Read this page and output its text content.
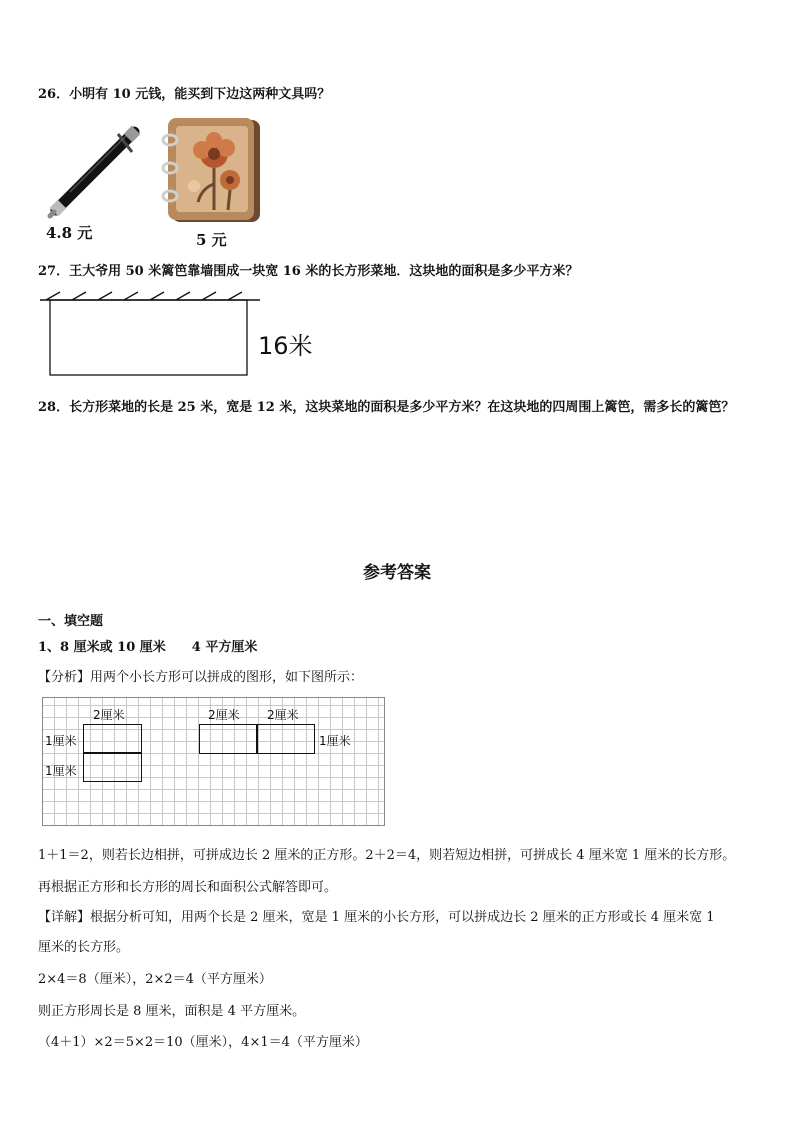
26．小明有 10 元钱，能买到下边这两种文具吗？
4.8 元	5 元
27．王大爷用 50 米篱笆靠墙围成一块宽 16 米的长方形菜地．这块地的面积是多少平方米？
16米
28．长方形菜地的长是 25 米，宽是 12 米，这块菜地的面积是多少平方米？在这块地的四周围上篱笆，需多长的篱笆？
参考答案
一、填空题
1、8 厘米或 10 厘米　　4 平方厘米
【分析】用两个小长方形可以拼成的图形，如下图所示：
2厘米
1厘米
1厘米
2厘米 2厘米
1厘米
1＋1＝2，则若长边相拼，可拼成边长 2 厘米的正方形。2＋2＝4，则若短边相拼，可拼成长 4 厘米宽 1 厘米的长方形。
再根据正方形和长方形的周长和面积公式解答即可。
【详解】根据分析可知，用两个长是 2 厘米，宽是 1 厘米的小长方形，可以拼成边长 2 厘米的正方形或长 4 厘米宽 1
厘米的长方形。
2×4＝8（厘米），2×2＝4（平方厘米）
则正方形周长是 8 厘米，面积是 4 平方厘米。
（4＋1）×2＝5×2＝10（厘米），4×1＝4（平方厘米）
